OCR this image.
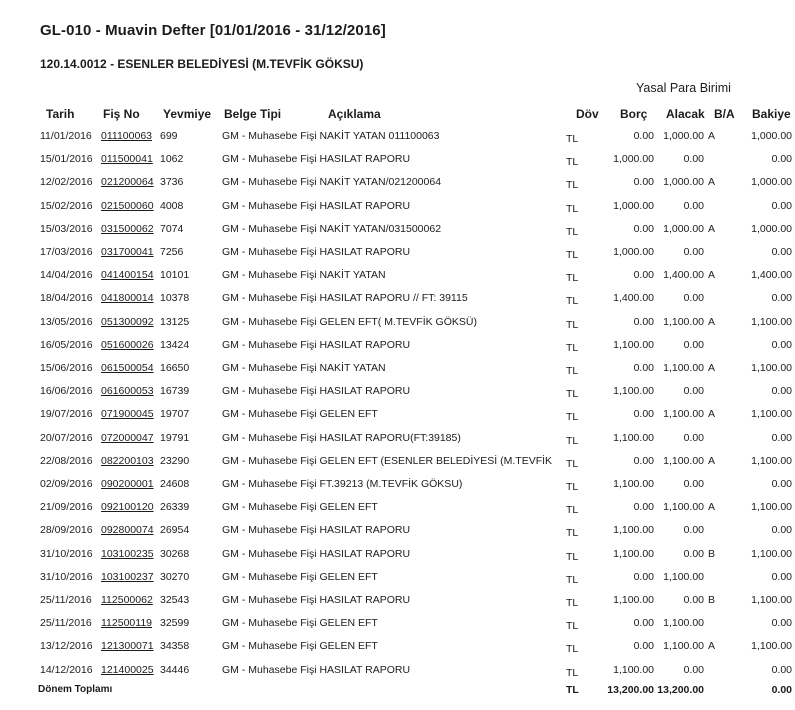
GL-010 - Muavin Defter [01/01/2016 - 31/12/2016]
120.14.0012 - ESENLER BELEDİYESİ (M.TEVFİK GÖKSU)
Yasal Para Birimi
Tarih Fiş No Yevmiye Belge Tipi	Açıklama	Döv Borç Alacak B/A Bakiye
11/01/2016 011100063 699	GM - Muhasebe Fişi NAKİT YATAN 011100063	TL	0.00 1,000.00 A	1,000.00
15/01/2016 011500041 1062	GM - Muhasebe Fişi HASILAT RAPORU	TL	1,000.00	0.00	0.00
12/02/2016 021200064 3736	GM - Muhasebe Fişi NAKİT YATAN/021200064	TL	0.00 1,000.00 A	1,000.00
15/02/2016 021500060 4008	GM - Muhasebe Fişi HASILAT RAPORU	TL	1,000.00	0.00	0.00
15/03/2016 031500062 7074	GM - Muhasebe Fişi NAKİT YATAN/031500062	TL	0.00 1,000.00 A	1,000.00
17/03/2016 031700041 7256	GM - Muhasebe Fişi HASILAT RAPORU	TL	1,000.00	0.00	0.00
14/04/2016 041400154 10101	GM - Muhasebe Fişi NAKİT YATAN	TL	0.00 1,400.00 A	1,400.00
18/04/2016 041800014 10378	GM - Muhasebe Fişi HASILAT RAPORU // FT: 39115	TL	1,400.00	0.00	0.00
13/05/2016 051300092 13125	GM - Muhasebe Fişi GELEN EFT( M.TEVFİK GÖKSÜ)	TL	0.00 1,100.00 A	1,100.00
16/05/2016 051600026 13424	GM - Muhasebe Fişi HASILAT RAPORU	TL	1,100.00	0.00	0.00
15/06/2016 061500054 16650	GM - Muhasebe Fişi NAKİT YATAN	TL	0.00 1,100.00 A	1,100.00
16/06/2016 061600053 16739	GM - Muhasebe Fişi HASILAT RAPORU	TL	1,100.00	0.00	0.00
19/07/2016 071900045 19707	GM - Muhasebe Fişi GELEN EFT	TL	0.00 1,100.00 A	1,100.00
20/07/2016 072000047 19791	GM - Muhasebe Fişi HASILAT RAPORU(FT:39185)	TL	1,100.00	0.00	0.00
22/08/2016 082200103 23290	GM - Muhasebe Fişi GELEN EFT (ESENLER BELEDİYESİ (M.TEVFİK TL	0.00 1,100.00 A	1,100.00
02/09/2016 090200001 24608	GM - Muhasebe Fişi FT.39213 (M.TEVFİK GÖKSU)	TL	1,100.00	0.00	0.00
21/09/2016 092100120 26339	GM - Muhasebe Fişi GELEN EFT	TL	0.00 1,100.00 A	1,100.00
28/09/2016 092800074 26954	GM - Muhasebe Fişi HASILAT RAPORU	TL	1,100.00	0.00	0.00
31/10/2016 103100235 30268	GM - Muhasebe Fişi HASILAT RAPORU	TL	1,100.00	0.00 B	1,100.00
31/10/2016 103100237 30270	GM - Muhasebe Fişi GELEN EFT	TL	0.00 1,100.00	0.00
25/11/2016 112500062 32543	GM - Muhasebe Fişi HASILAT RAPORU	TL	1,100.00	0.00 B	1,100.00
25/11/2016 112500119 32599	GM - Muhasebe Fişi GELEN EFT	TL	0.00 1,100.00	0.00
13/12/2016 121300071 34358	GM - Muhasebe Fişi GELEN EFT	TL	0.00 1,100.00 A	1,100.00
14/12/2016 121400025 34446	GM - Muhasebe Fişi HASILAT RAPORU	TL	1,100.00	0.00	0.00
Dönem Toplamı	TL	13,200.00 13,200.00	0.00
